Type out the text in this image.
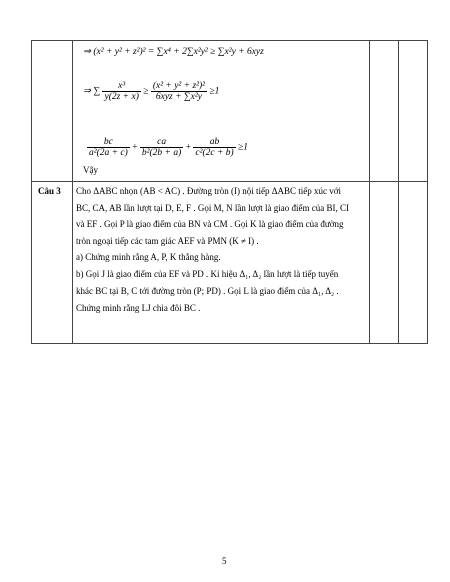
⇒ (x² + y² + z²)² = ∑x⁴ + 2∑x²y² ≥ ∑x²y + 6xyz
⇒ ∑ $\frac{\text{x³}}{y(2z + x)} \ge \frac{\text{(x² + y² + z²)²}}{\text{6xyz + ∑x²y}} \ge 1$
$\frac{bc}{\text{a²(2a + c)}} + \frac{ca}{\text{b²(2b + a)}} + \frac{ab}{\text{c²(2c + b)}} \ge 1$
Vậy
Câu 3 Cho ΔABC nhọn (AB < AC) . Đường tròn (I) nội tiếp ΔABC tiếp xúc với
BC, CA, AB lần lượt tại D, E, F . Gọi M, N lần lượt là giao điểm của BI, CI
và EF . Gọi P là giao điểm của BN và CM . Gọi K là giao điểm của đường
tròn ngoại tiếp các tam giác AEF và PMN (K ≠ I) .
a) Chứng minh rằng A, P, K thẳng hàng.
b) Gọi J là giao điểm của EF và PD . Kí hiệu Δ₁, Δ₂ lần lượt là tiếp tuyến
khác BC tại B, C tới đường tròn (P; PD) . Gọi L là giao điểm của Δ₁, Δ₂ .
Chứng minh rằng LJ chia đôi BC .
5
